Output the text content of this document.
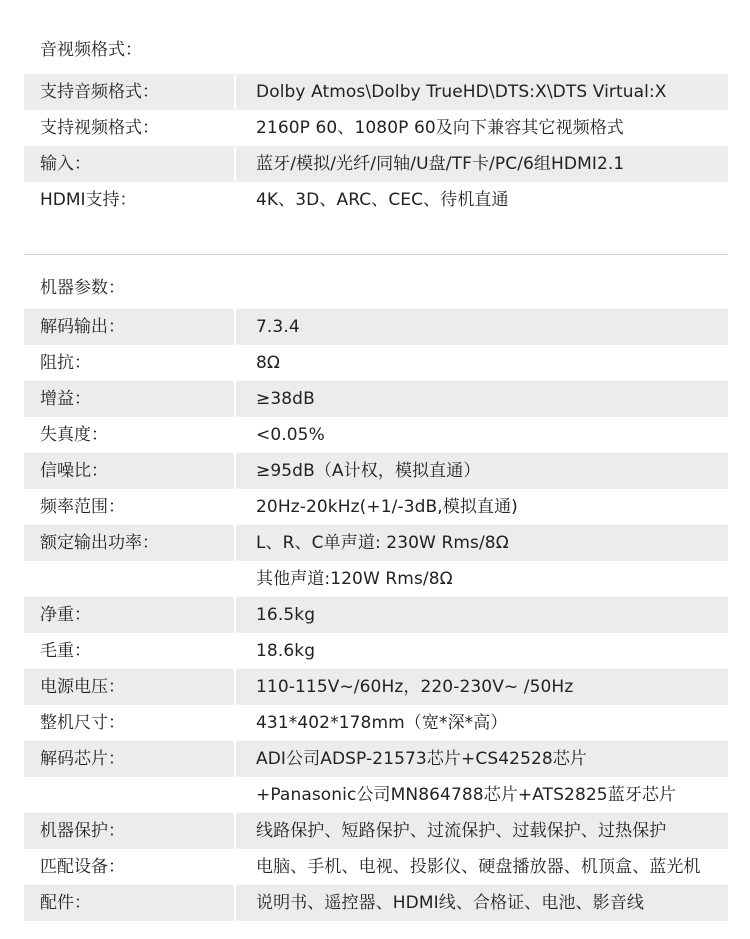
音视频格式：
支持音频格式：	Dolby Atmos\Dolby TrueHD\DTS:X\DTS Virtual:X
支持视频格式：	2160P 60、1080P 60及向下兼容其它视频格式
输入：	蓝牙/模拟/光纤/同轴/U盘/TF卡/PC/6组HDMI2.1
HDMI支持：	4K、3D、ARC、CEC、待机直通
机器参数：
解码输出：	7.3.4
阻抗：	8Ω
增益：	≥38dB
失真度：	<0.05%
信噪比：	≥95dB（A计权，模拟直通）
频率范围：	20Hz-20kHz(+1/-3dB,模拟直通)
额定输出功率：	L、R、C单声道: 230W Rms/8Ω
其他声道:120W Rms/8Ω
净重：	16.5kg
毛重：	18.6kg
电源电压：	110-115V~/60Hz，220-230V~ /50Hz
整机尺寸：	431*402*178mm（宽*深*高）
解码芯片：	ADI公司ADSP-21573芯片+CS42528芯片
+Panasonic公司MN864788芯片+ATS2825蓝牙芯片
机器保护：	线路保护、短路保护、过流保护、过载保护、过热保护
匹配设备：	电脑、手机、电视、投影仪、硬盘播放器、机顶盒、蓝光机
配件：	说明书、遥控器、HDMI线、合格证、电池、影音线
